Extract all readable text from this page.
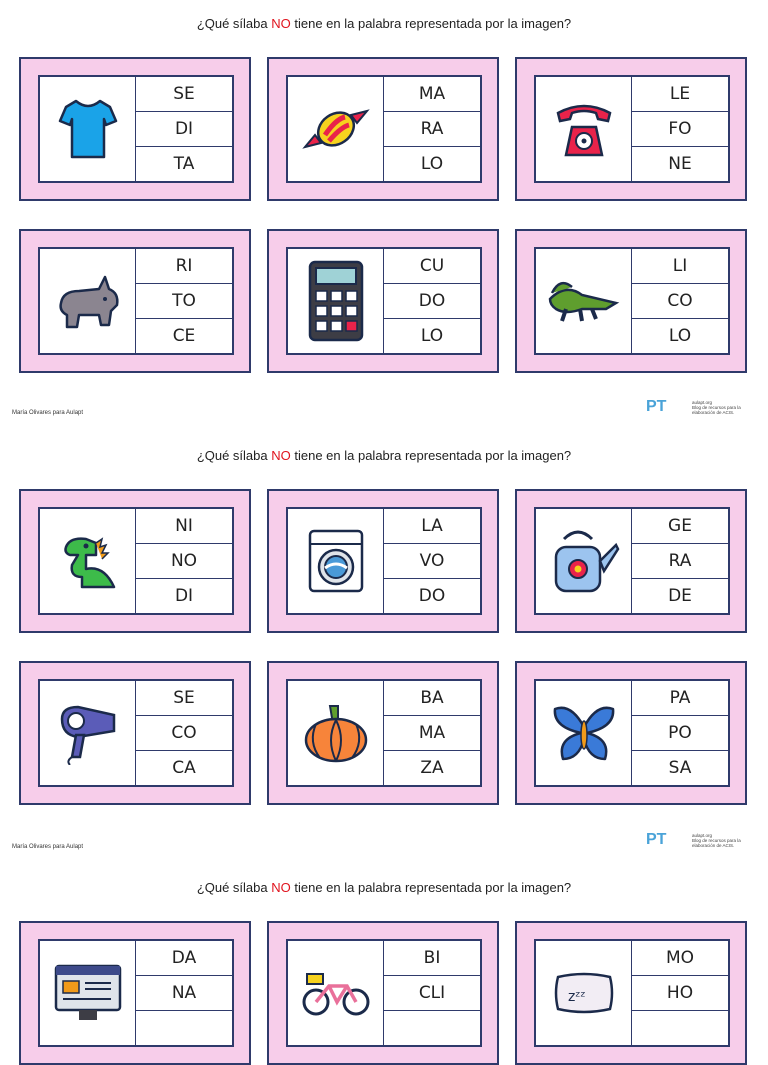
¿Qué sílaba NO tiene en la palabra representada por la imagen?
María Olivares para Aulapt	PT	aulapt.org
Blog de recursos para la elaboración de ACIS.
¿Qué sílaba NO tiene en la palabra representada por la imagen?
María Olivares para Aulapt	PT	aulapt.org
Blog de recursos para la elaboración de ACIS.
¿Qué sílaba NO tiene en la palabra representada por la imagen?
SE
DI
TA
MA
RA
LO
LE
FO
NE
RI
TO
CE
CU
DO
LO
LI
CO
LO
NI
NO
DI
LA
VO
DO
GE
RA
DE
SE
CO
CA
BA
MA
ZA
PA
PO
SA
DA
NA
BI
CLI	zᶻᶻ
MO
HO
